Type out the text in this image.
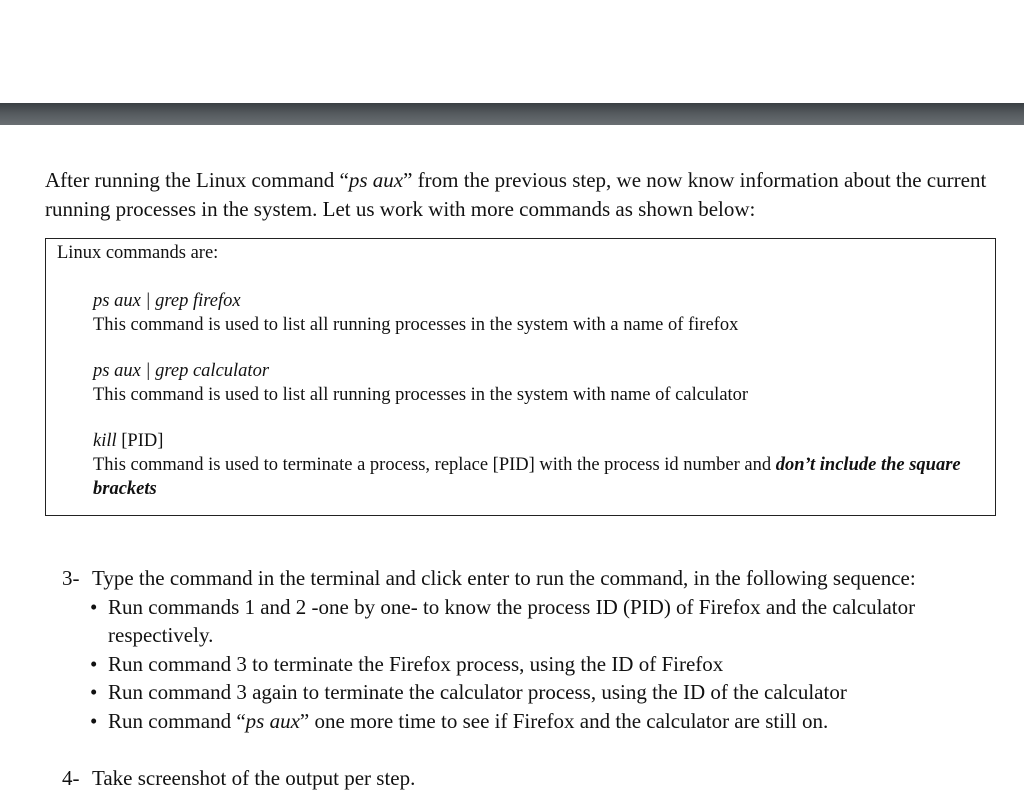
After running the Linux command “ps aux” from the previous step, we now know information about the current running processes in the system. Let us work with more commands as shown below:

Linux commands are:
ps aux | grep firefox
This command is used to list all running processes in the system with a name of firefox
ps aux | grep calculator
This command is used to list all running processes in the system with name of calculator
kill [PID]
This command is used to terminate a process, replace [PID] with the process id number and don’t include the square brackets
3- Type the command in the terminal and click enter to run the command, in the following sequence:
• Run commands 1 and 2 -one by one- to know the process ID (PID) of Firefox and the calculator respectively.
• Run command 3 to terminate the Firefox process, using the ID of Firefox
• Run command 3 again to terminate the calculator process, using the ID of the calculator
• Run command “ps aux” one more time to see if Firefox and the calculator are still on.
4- Take screenshot of the output per step.
